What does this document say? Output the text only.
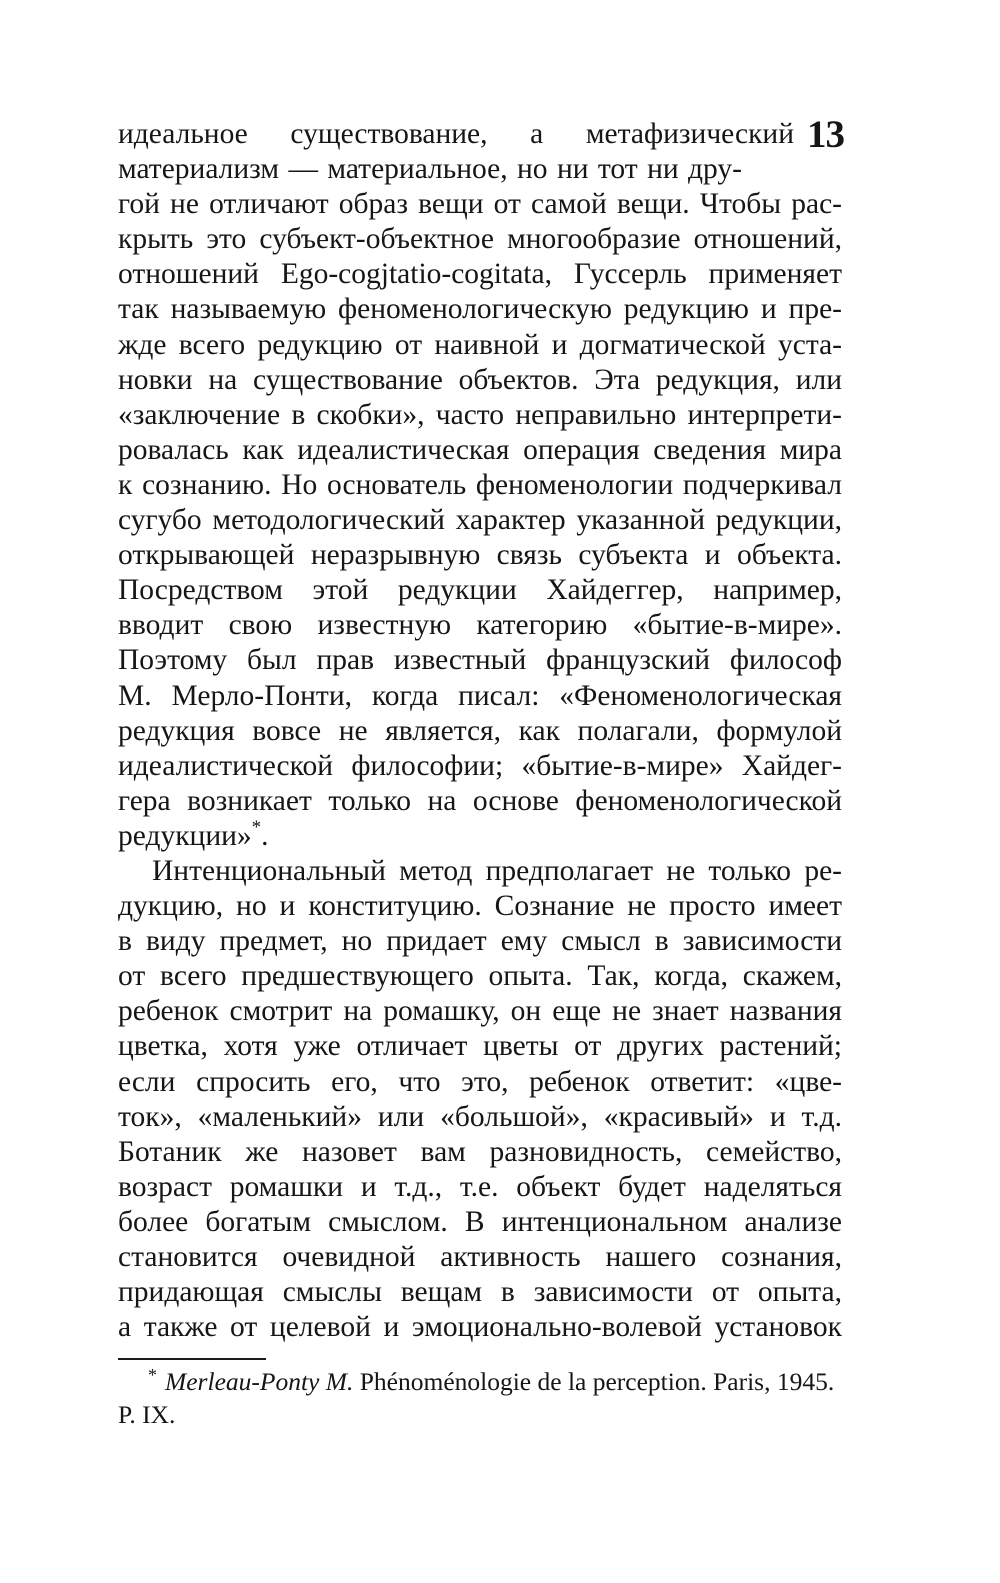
13
идеальное существование, а метафизический
материализм — материальное, но ни тот ни дру-
гой не отличают образ вещи от самой вещи. Чтобы рас-
крыть это субъект-объектное многообразие отношений,
отношений Ego-cogjtatio-cogitata, Гуссерль применяет
так называемую феноменологическую редукцию и пре-
жде всего редукцию от наивной и догматической уста-
новки на существование объектов. Эта редукция, или
«заключение в скобки», часто неправильно интерпрети-
ровалась как идеалистическая операция сведения мира
к сознанию. Но основатель феноменологии подчеркивал
сугубо методологический характер указанной редукции,
открывающей неразрывную связь субъекта и объекта.
Посредством этой редукции Хайдеггер, например,
вводит свою известную категорию «бытие-в-мире».
Поэтому был прав известный французский философ
М. Мерло-Понти, когда писал: «Феноменологическая
редукция вовсе не является, как полагали, формулой
идеалистической философии; «бытие-в-мире» Хайдег-
гера возникает только на основе феноменологической
редукции»*.
Интенциональный метод предполагает не только ре-
дукцию, но и конституцию. Сознание не просто имеет
в виду предмет, но придает ему смысл в зависимости
от всего предшествующего опыта. Так, когда, скажем,
ребенок смотрит на ромашку, он еще не знает названия
цветка, хотя уже отличает цветы от других растений;
если спросить его, что это, ребенок ответит: «цве-
ток», «маленький» или «большой», «красивый» и т.д.
Ботаник же назовет вам разновидность, семейство,
возраст ромашки и т.д., т.е. объект будет наделяться
более богатым смыслом. В интенциональном анализе
становится очевидной активность нашего сознания,
придающая смыслы вещам в зависимости от опыта,
а также от целевой и эмоционально-волевой установок
* Merleau-Ponty M. Phénoménologie de la perception. Paris, 1945.
P. IX.
